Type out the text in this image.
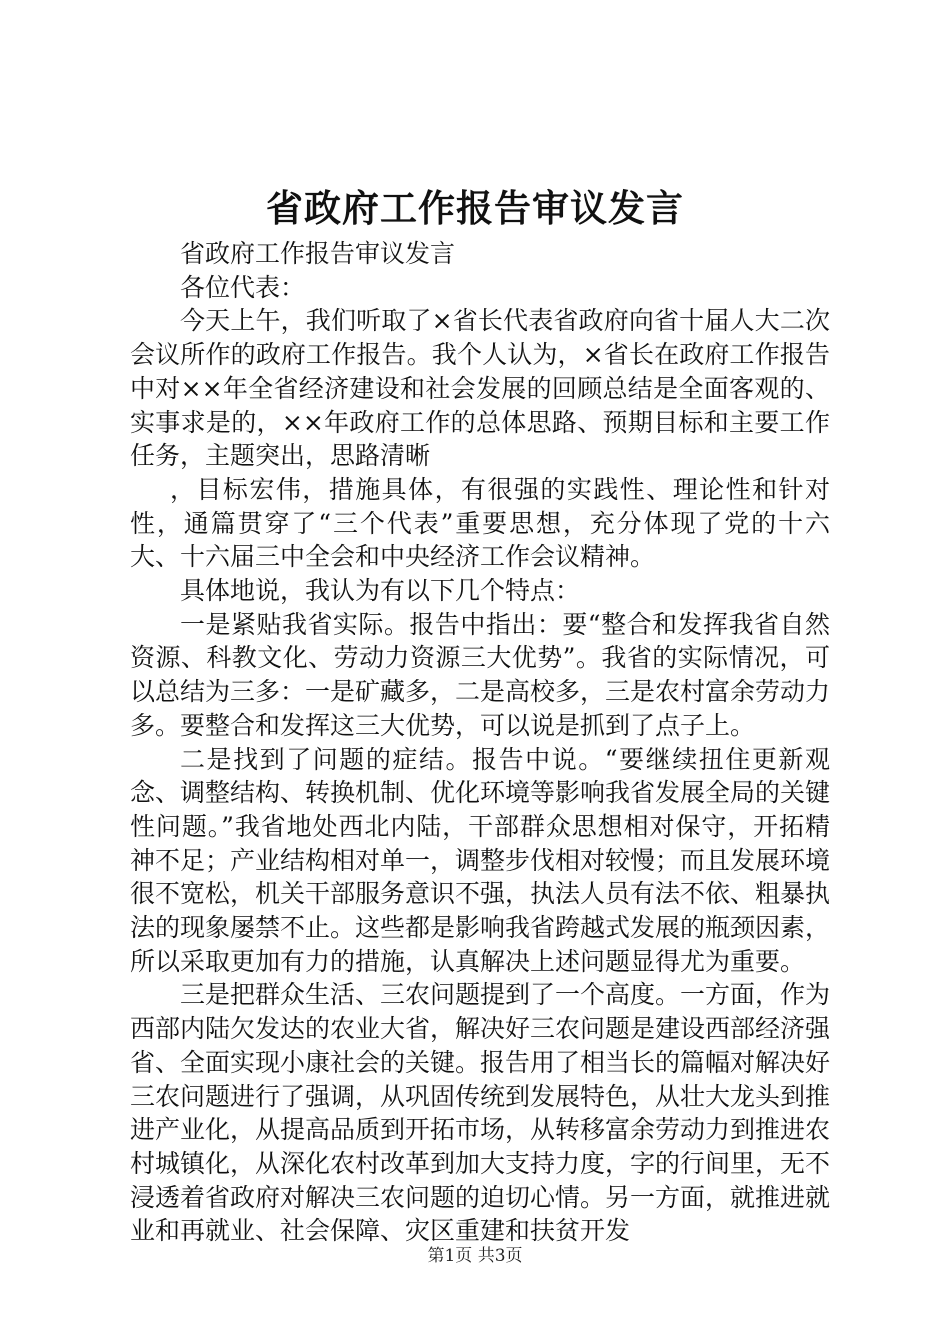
省政府工作报告审议发言

省政府工作报告审议发言

各位代表：

今天上午，我们听取了×省长代表省政府向省十届人大二次会议所作的政府工作报告。我个人认为，×省长在政府工作报告中对××年全省经济建设和社会发展的回顾总结是全面客观的、实事求是的，××年政府工作的总体思路、预期目标和主要工作任务，主题突出，思路清晰

，目标宏伟，措施具体，有很强的实践性、理论性和针对性，通篇贯穿了“三个代表”重要思想，充分体现了党的十六大、十六届三中全会和中央经济工作会议精神。

具体地说，我认为有以下几个特点：

一是紧贴我省实际。报告中指出：要“整合和发挥我省自然资源、科教文化、劳动力资源三大优势”。我省的实际情况，可以总结为三多：一是矿藏多，二是高校多，三是农村富余劳动力多。要整合和发挥这三大优势，可以说是抓到了点子上。

二是找到了问题的症结。报告中说。“要继续扭住更新观念、调整结构、转换机制、优化环境等影响我省发展全局的关键性问题。”我省地处西北内陆，干部群众思想相对保守，开拓精神不足；产业结构相对单一，调整步伐相对较慢；而且发展环境很不宽松，机关干部服务意识不强，执法人员有法不依、粗暴执法的现象屡禁不止。这些都是影响我省跨越式发展的瓶颈因素，所以采取更加有力的措施，认真解决上述问题显得尤为重要。

三是把群众生活、三农问题提到了一个高度。一方面，作为西部内陆欠发达的农业大省，解决好三农问题是建设西部经济强省、全面实现小康社会的关键。报告用了相当长的篇幅对解决好三农问题进行了强调，从巩固传统到发展特色，从壮大龙头到推进产业化，从提高品质到开拓市场，从转移富余劳动力到推进农村城镇化，从深化农村改革到加大支持力度，字的行间里，无不浸透着省政府对解决三农问题的迫切心情。另一方面，就推进就业和再就业、社会保障、灾区重建和扶贫开发

第1页 共3页
